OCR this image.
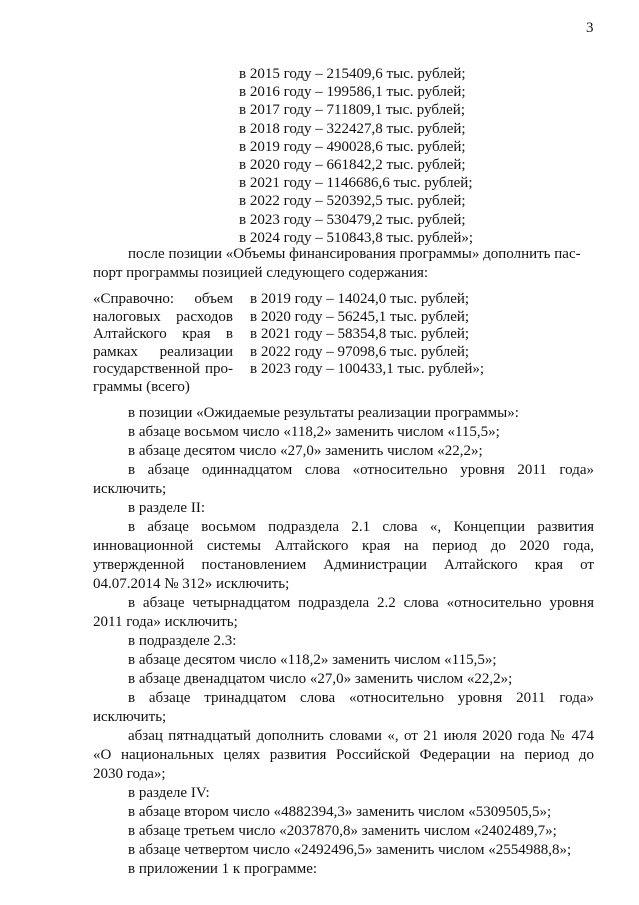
3
в 2015 году – 215409,6 тыс. рублей;
в 2016 году – 199586,1 тыс. рублей;
в 2017 году – 711809,1 тыс. рублей;
в 2018 году – 322427,8 тыс. рублей;
в 2019 году – 490028,6 тыс. рублей;
в 2020 году – 661842,2 тыс. рублей;
в 2021 году – 1146686,6 тыс. рублей;
в 2022 году – 520392,5 тыс. рублей;
в 2023 году – 530479,2 тыс. рублей;
в 2024 году – 510843,8 тыс. рублей»;
после позиции «Объемы финансирования программы» дополнить пас-
порт программы позицией следующего содержания:
«Справочно: объем
налоговых расходов
Алтайского края в
рамках реализации
государственной про-
граммы (всего)
в 2019 году – 14024,0 тыс. рублей;
в 2020 году – 56245,1 тыс. рублей;
в 2021 году – 58354,8 тыс. рублей;
в 2022 году – 97098,6 тыс. рублей;
в 2023 году – 100433,1 тыс. рублей»;
в позиции «Ожидаемые результаты реализации программы»:
в абзаце восьмом число «118,2» заменить числом «115,5»;
в абзаце десятом число «27,0» заменить числом «22,2»;
в абзаце одиннадцатом слова «относительно уровня 2011 года»
исключить;
в разделе II:
в абзаце восьмом подраздела 2.1 слова «, Концепции развития
инновационной системы Алтайского края на период до 2020 года,
утвержденной постановлением Администрации Алтайского края от
04.07.2014 № 312» исключить;
в абзаце четырнадцатом подраздела 2.2 слова «относительно уровня
2011 года» исключить;
в подразделе 2.3:
в абзаце десятом число «118,2» заменить числом «115,5»;
в абзаце двенадцатом число «27,0» заменить числом «22,2»;
в абзаце тринадцатом слова «относительно уровня 2011 года»
исключить;
абзац пятнадцатый дополнить словами «, от 21 июля 2020 года № 474
«О национальных целях развития Российской Федерации на период до
2030 года»;
в разделе IV:
в абзаце втором число «4882394,3» заменить числом «5309505,5»;
в абзаце третьем число «2037870,8» заменить числом «2402489,7»;
в абзаце четвертом число «2492496,5» заменить числом «2554988,8»;
в приложении 1 к программе:
